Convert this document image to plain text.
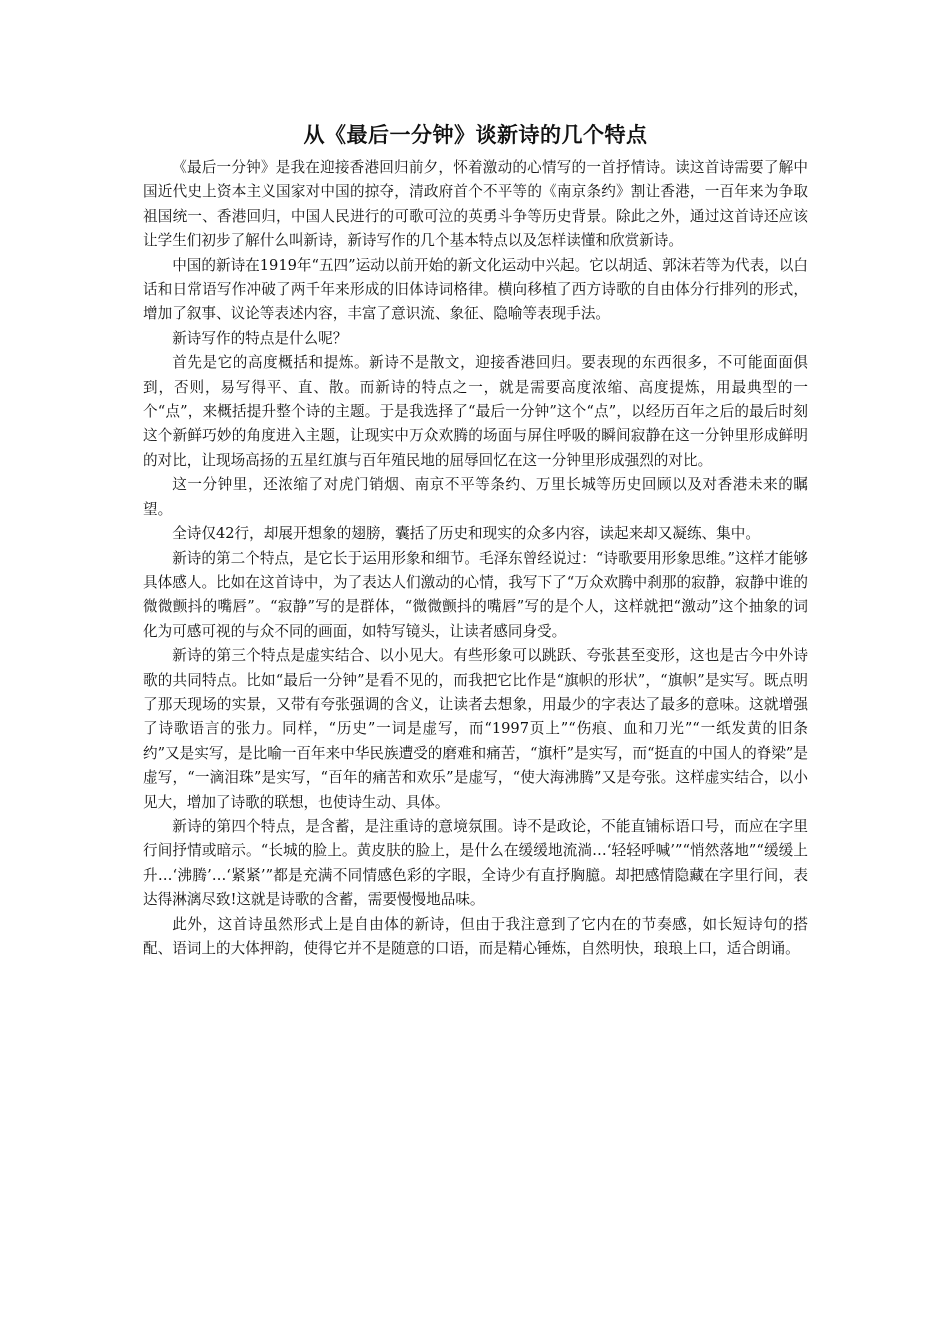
从《最后一分钟》谈新诗的几个特点

《最后一分钟》是我在迎接香港回归前夕，怀着激动的心情写的一首抒情诗。读这首诗需要了解中国近代史上资本主义国家对中国的掠夺，清政府首个不平等的《南京条约》割让香港，一百年来为争取祖国统一、香港回归，中国人民进行的可歌可泣的英勇斗争等历史背景。除此之外，通过这首诗还应该让学生们初步了解什么叫新诗，新诗写作的几个基本特点以及怎样读懂和欣赏新诗。

中国的新诗在1919年“五四”运动以前开始的新文化运动中兴起。它以胡适、郭沫若等为代表，以白话和日常语写作冲破了两千年来形成的旧体诗词格律。横向移植了西方诗歌的自由体分行排列的形式，增加了叙事、议论等表述内容，丰富了意识流、象征、隐喻等表现手法。

新诗写作的特点是什么呢？

首先是它的高度概括和提炼。新诗不是散文，迎接香港回归。要表现的东西很多，不可能面面俱到，否则，易写得平、直、散。而新诗的特点之一，就是需要高度浓缩、高度提炼，用最典型的一个“点”，来概括提升整个诗的主题。于是我选择了“最后一分钟”这个“点”，以经历百年之后的最后时刻这个新鲜巧妙的角度进入主题，让现实中万众欢腾的场面与屏住呼吸的瞬间寂静在这一分钟里形成鲜明的对比，让现场高扬的五星红旗与百年殖民地的屈辱回忆在这一分钟里形成强烈的对比。

这一分钟里，还浓缩了对虎门销烟、南京不平等条约、万里长城等历史回顾以及对香港未来的瞩望。

全诗仅42行，却展开想象的翅膀，囊括了历史和现实的众多内容，读起来却又凝练、集中。

新诗的第二个特点，是它长于运用形象和细节。毛泽东曾经说过：“诗歌要用形象思维。”这样才能够具体感人。比如在这首诗中，为了表达人们激动的心情，我写下了“万众欢腾中刹那的寂静，寂静中谁的微微颤抖的嘴唇”。“寂静”写的是群体，“微微颤抖的嘴唇”写的是个人，这样就把“激动”这个抽象的词化为可感可视的与众不同的画面，如特写镜头，让读者感同身受。

新诗的第三个特点是虚实结合、以小见大。有些形象可以跳跃、夸张甚至变形，这也是古今中外诗歌的共同特点。比如“最后一分钟”是看不见的，而我把它比作是“旗帜的形状”，“旗帜”是实写。既点明了那天现场的实景，又带有夸张强调的含义，让读者去想象，用最少的字表达了最多的意味。这就增强了诗歌语言的张力。同样，“历史”一词是虚写，而“1997页上”“伤痕、血和刀光”“一纸发黄的旧条约”又是实写，是比喻一百年来中华民族遭受的磨难和痛苦，“旗杆”是实写，而“挺直的中国人的脊梁”是虚写，“一滴泪珠”是实写，“百年的痛苦和欢乐”是虚写，“使大海沸腾”又是夸张。这样虚实结合，以小见大，增加了诗歌的联想，也使诗生动、具体。

新诗的第四个特点，是含蓄，是注重诗的意境氛围。诗不是政论，不能直铺标语口号，而应在字里行间抒情或暗示。“长城的脸上。黄皮肤的脸上，是什么在缓缓地流淌…‘轻轻呼喊’”“悄然落地”“缓缓上升…‘沸腾’…‘紧紧’”都是充满不同情感色彩的字眼，全诗少有直抒胸臆。却把感情隐藏在字里行间，表达得淋漓尽致!这就是诗歌的含蓄，需要慢慢地品味。

此外，这首诗虽然形式上是自由体的新诗，但由于我注意到了它内在的节奏感，如长短诗句的搭配、语词上的大体押韵，使得它并不是随意的口语，而是精心锤炼，自然明快，琅琅上口，适合朗诵。
